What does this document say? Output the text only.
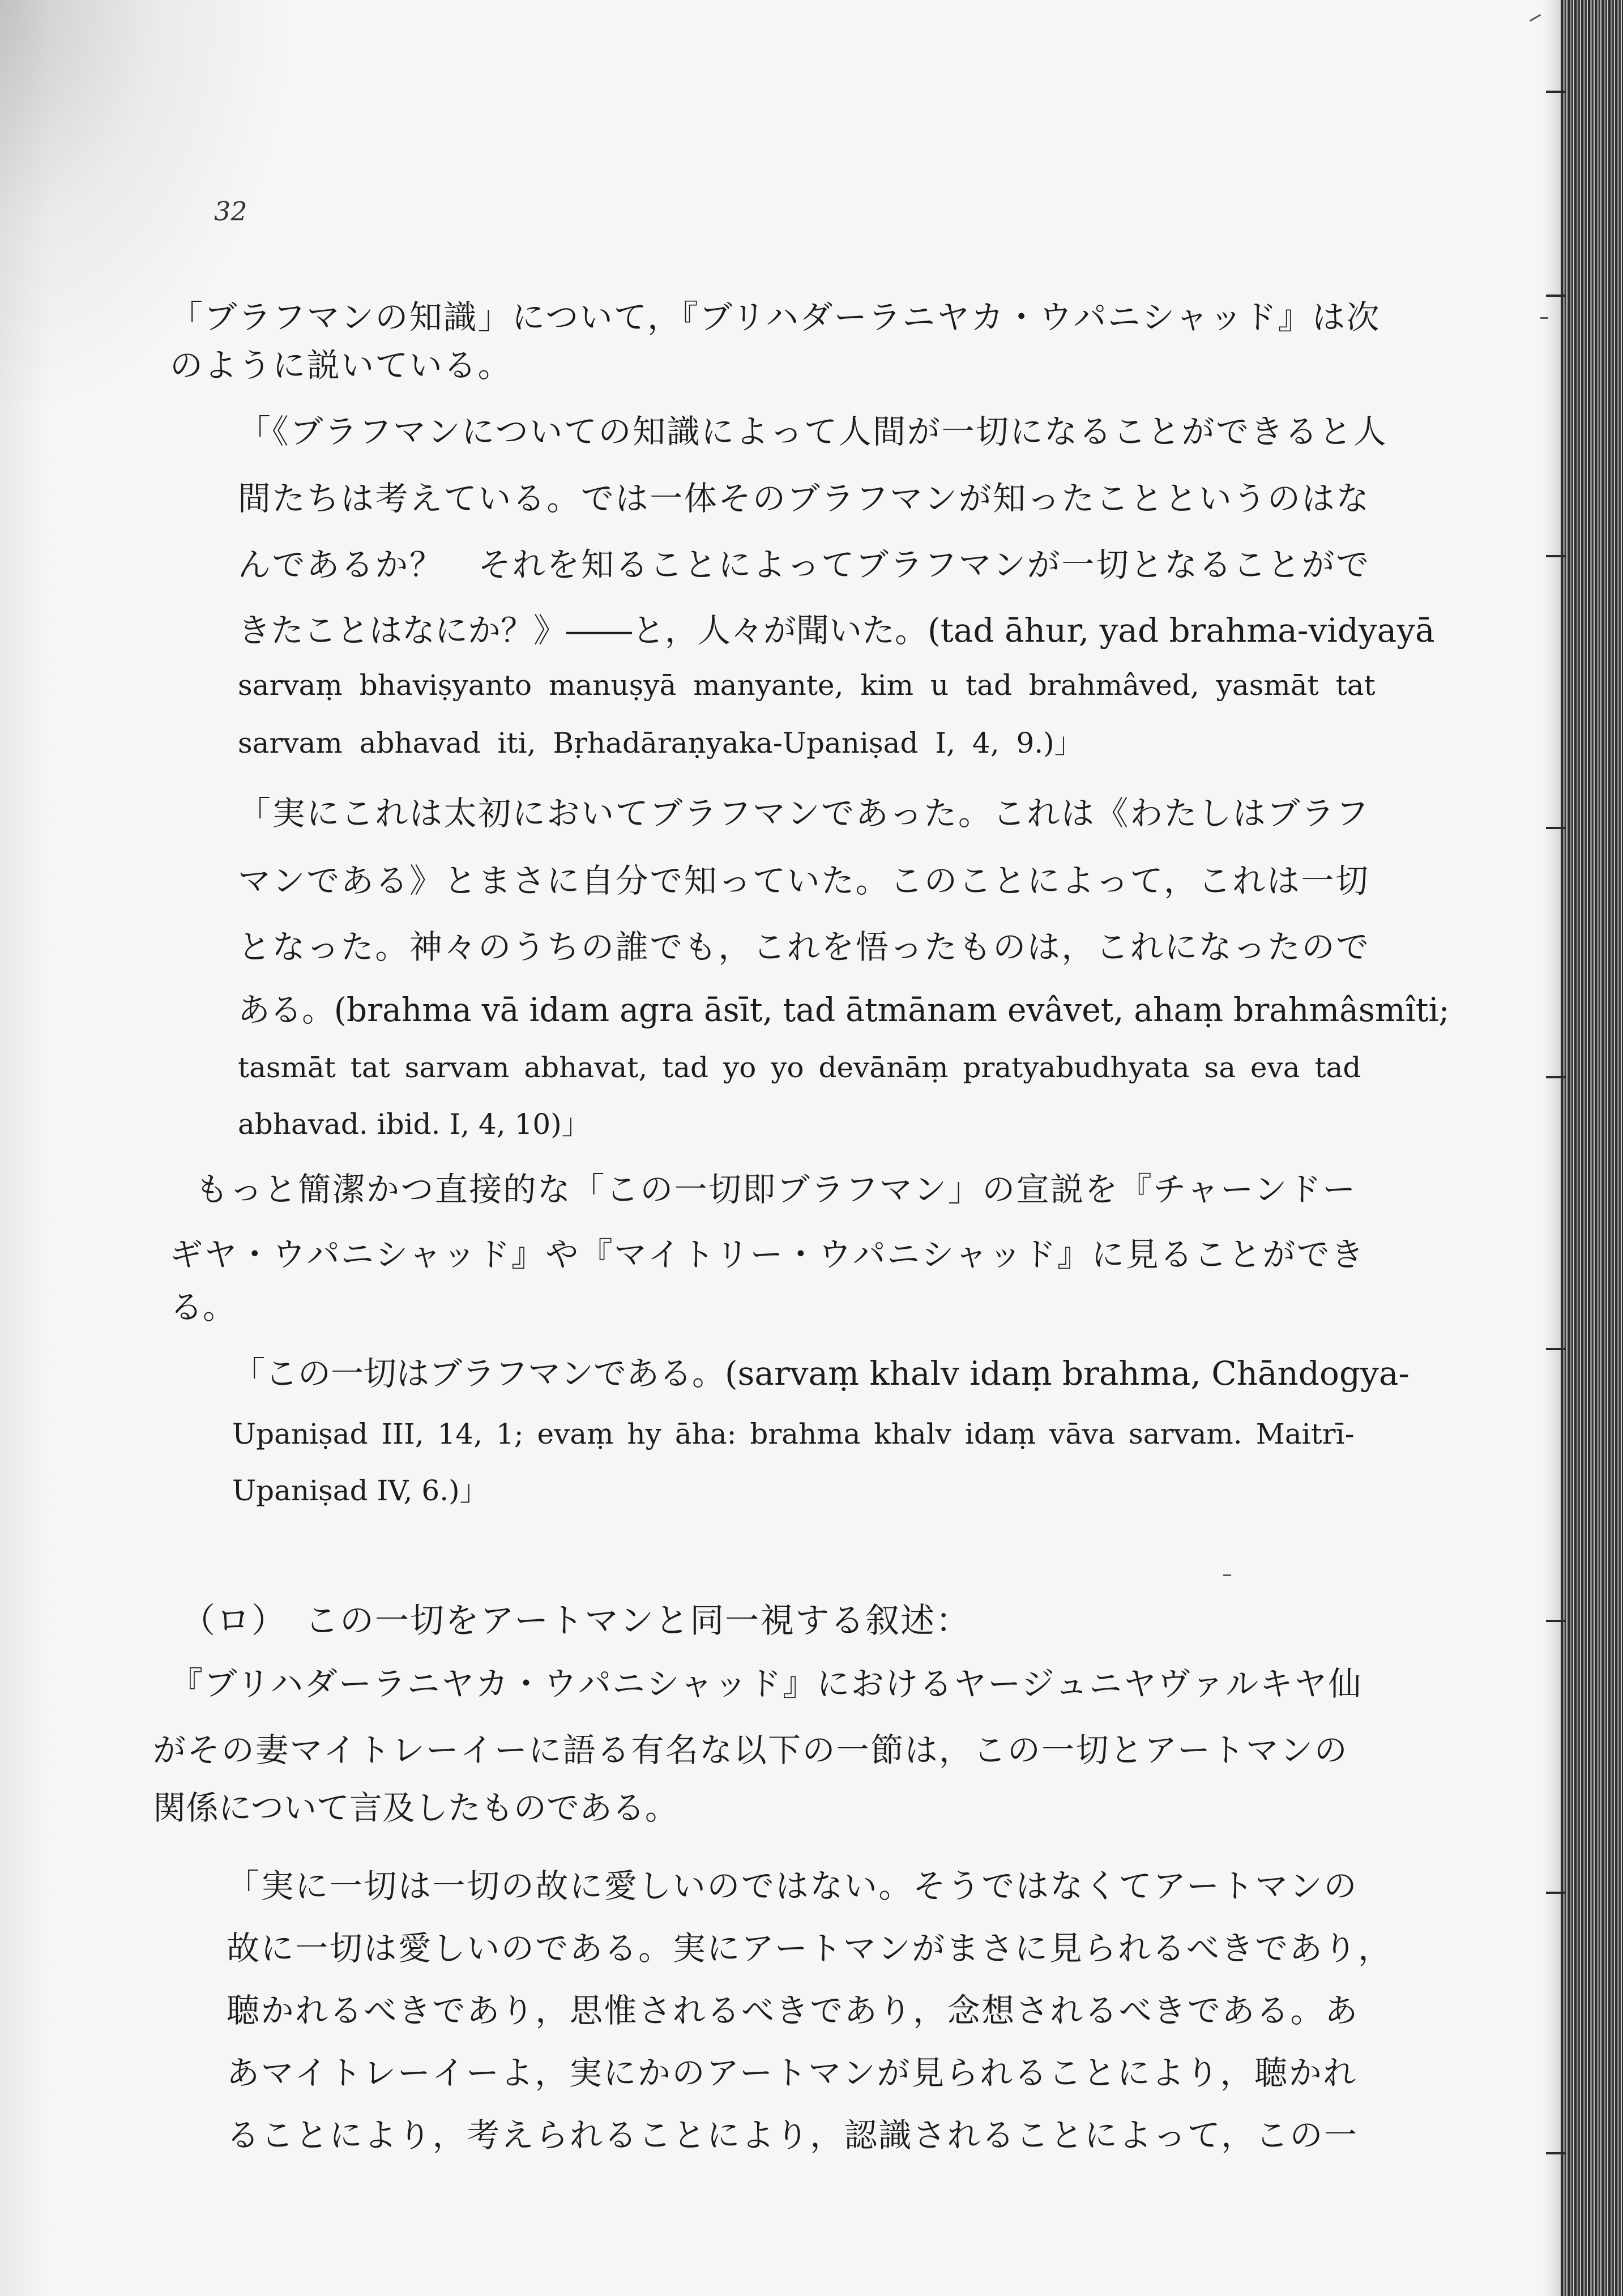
32
「ブラフマンの知識」について，『ブリハダーラニヤカ・ウパニシャッド』は次
のように説いている。
「《ブラフマンについての知識によって人間が一切になることができると人
間たちは考えている。では一体そのブラフマンが知ったことというのはな
んであるか？　それを知ることによってブラフマンが一切となることがで
きたことはなにか？》――と，人々が聞いた。(tad āhur, yad brahma-vidyayā
sarvaṃ bhaviṣyanto manuṣyā manyante, kim u tad brahmâved, yasmāt tat
sarvam abhavad iti, Bṛhadāraṇyaka-Upaniṣad I, 4, 9.)」
「実にこれは太初においてブラフマンであった。これは《わたしはブラフ
マンである》とまさに自分で知っていた。このことによって，これは一切
となった。神々のうちの誰でも，これを悟ったものは，これになったので
ある。(brahma vā idam agra āsīt, tad ātmānam evâvet, ahaṃ brahmâsmîti;
tasmāt tat sarvam abhavat, tad yo yo devānāṃ pratyabudhyata sa eva tad
abhavad. ibid. I, 4, 10)」
もっと簡潔かつ直接的な「この一切即ブラフマン」の宣説を『チャーンドー
ギヤ・ウパニシャッド』や『マイトリー・ウパニシャッド』に見ることができ
る。
「この一切はブラフマンである。(sarvaṃ khalv idaṃ brahma, Chāndogya-
Upaniṣad III, 14, 1; evaṃ hy āha: brahma khalv idaṃ vāva sarvam. Maitrī-
Upaniṣad IV, 6.)」
（ロ）　この一切をアートマンと同一視する叙述：
『ブリハダーラニヤカ・ウパニシャッド』におけるヤージュニヤヴァルキヤ仙
がその妻マイトレーイーに語る有名な以下の一節は，この一切とアートマンの
関係について言及したものである。
「実に一切は一切の故に愛しいのではない。そうではなくてアートマンの
故に一切は愛しいのである。実にアートマンがまさに見られるべきであり，
聴かれるべきであり，思惟されるべきであり，念想されるべきである。あ
あマイトレーイーよ，実にかのアートマンが見られることにより，聴かれ
ることにより，考えられることにより，認識されることによって，この一
